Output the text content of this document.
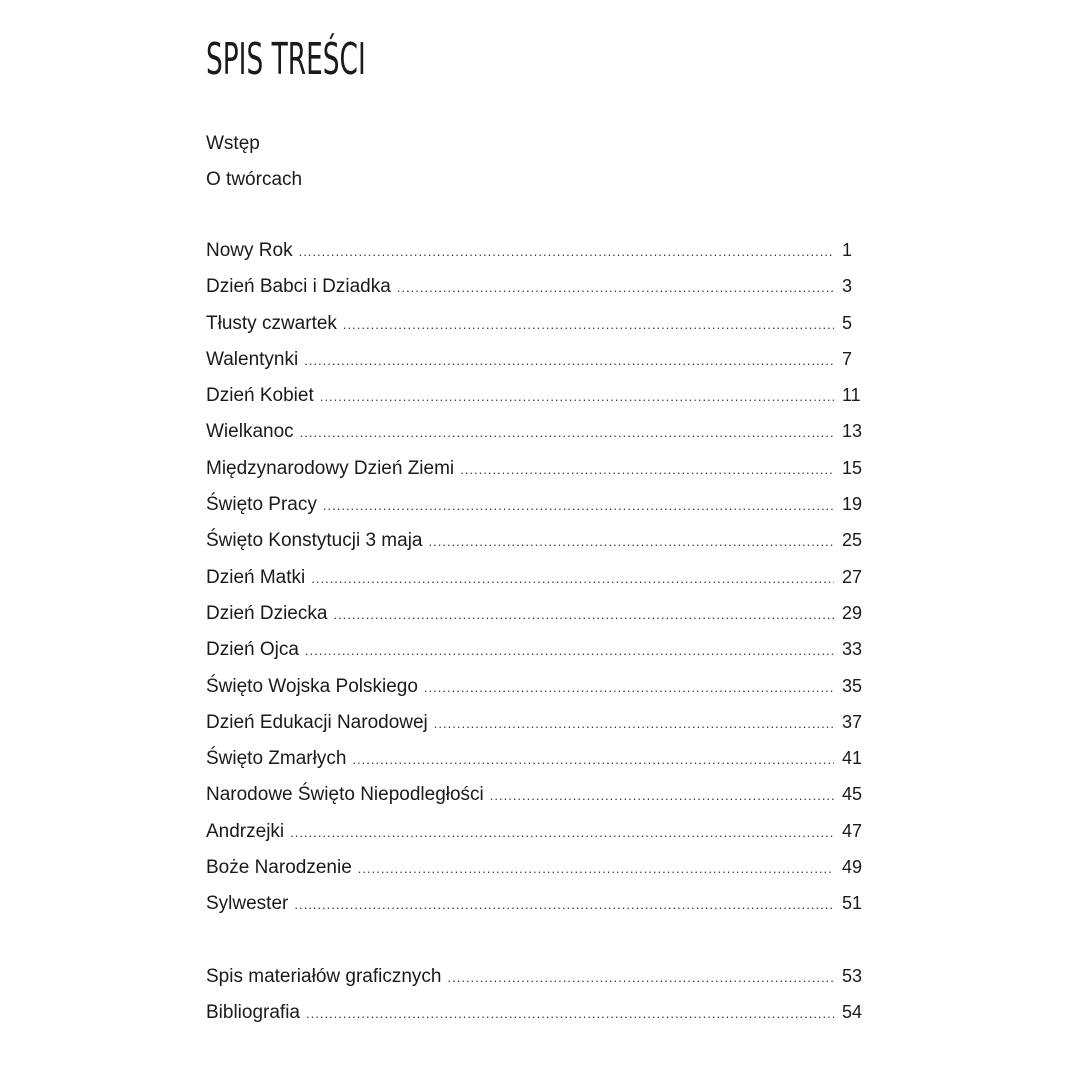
SPIS TREŚCI
Wstęp
O twórcach
Nowy Rok .....	1
Dzień Babci i Dziadka .....	3
Tłusty czwartek .....	5
Walentynki .....	7
Dzień Kobiet .....	11
Wielkanoc .....	13
Międzynarodowy Dzień Ziemi .....	15
Święto Pracy .....	19
Święto Konstytucji 3 maja .....	25
Dzień Matki .....	27
Dzień Dziecka .....	29
Dzień Ojca .....	33
Święto Wojska Polskiego .....	35
Dzień Edukacji Narodowej .....	37
Święto Zmarłych .....	41
Narodowe Święto Niepodległości .....	45
Andrzejki .....	47
Boże Narodzenie .....	49
Sylwester .....	51
Spis materiałów graficznych .....	53
Bibliografia .....	54
